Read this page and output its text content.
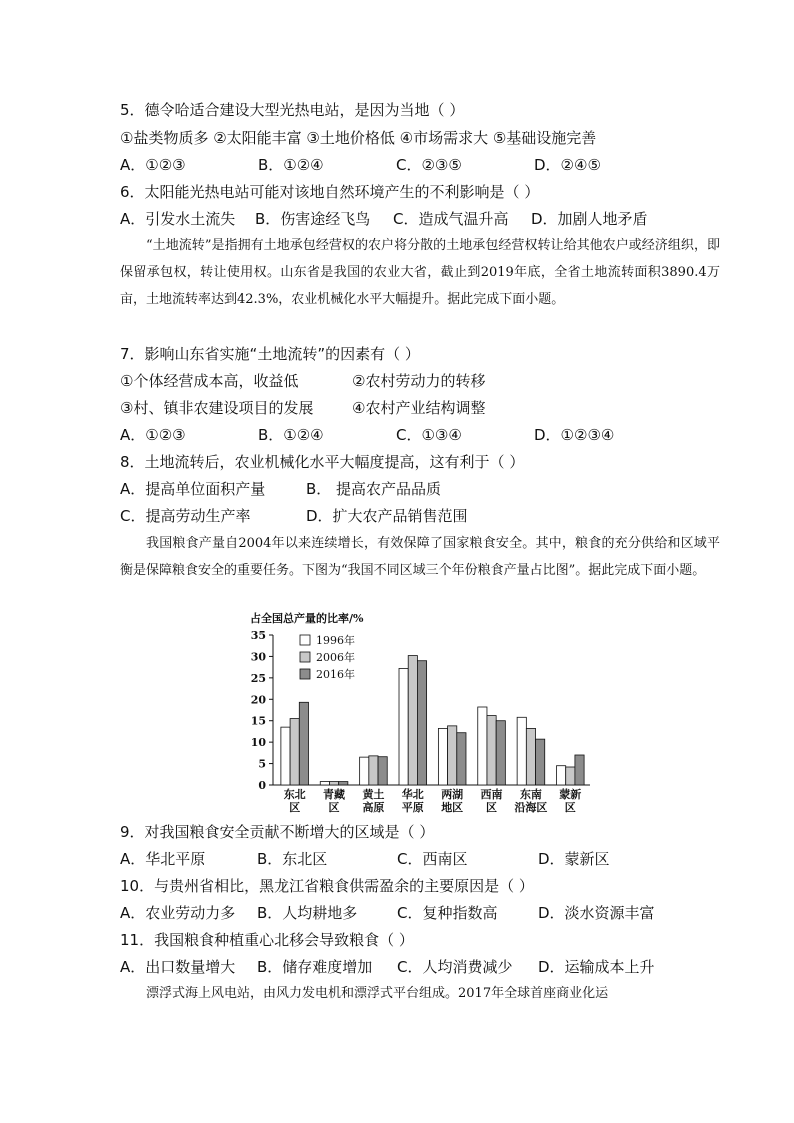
5．德令哈适合建设大型光热电站，是因为当地（ ）
①盐类物质多 ②太阳能丰富 ③土地价格低 ④市场需求大 ⑤基础设施完善
A．①②③	B．①②④	C．②③⑤	D．②④⑤
6．太阳能光热电站可能对该地自然环境产生的不利影响是（ ）
A．引发水土流失 B．伤害途经飞鸟 C．造成气温升高 D．加剧人地矛盾

“土地流转”是指拥有土地承包经营权的农户将分散的土地承包经营权转让给其他农户或经济组织，即保留承包权，转让使用权。山东省是我国的农业大省，截止到2019年底，全省土地流转面积3890.4万亩，土地流转率达到42.3%，农业机械化水平大幅提升。据此完成下面小题。

7．影响山东省实施“土地流转”的因素有（ ）
①个体经营成本高，收益低	②农村劳动力的转移
③村、镇非农建设项目的发展	④农村产业结构调整
A．①②③	B．①②④	C．①③④	D．①②③④
8．土地流转后，农业机械化水平大幅度提高，这有利于（ ）
A．提高单位面积产量	B． 提高农产品品质
C．提高劳动生产率	D．扩大农产品销售范围

我国粮食产量自2004年以来连续增长，有效保障了国家粮食安全。其中，粮食的充分供给和区域平衡是保障粮食安全的重要任务。下图为“我国不同区域三个年份粮食产量占比图”。据此完成下面小题。

占全国总产量的比率/%
0
5
10
15
20
25
30
35
东北
区
青藏
区
黄土
高原
华北
平原
两湖
地区
西南
区
东南
沿海区
蒙新
区
1996年
2006年
2016年
9．对我国粮食安全贡献不断增大的区域是（ ）
A．华北平原	B．东北区	C．西南区	D．蒙新区
10．与贵州省相比，黑龙江省粮食供需盈余的主要原因是（ ）
A．农业劳动力多 B．人均耕地多	C．复种指数高	D．淡水资源丰富
11．我国粮食种植重心北移会导致粮食（ ）
A．出口数量增大 B．储存难度增加 C．人均消费减少 D．运输成本上升

漂浮式海上风电站，由风力发电机和漂浮式平台组成。2017年全球首座商业化运
